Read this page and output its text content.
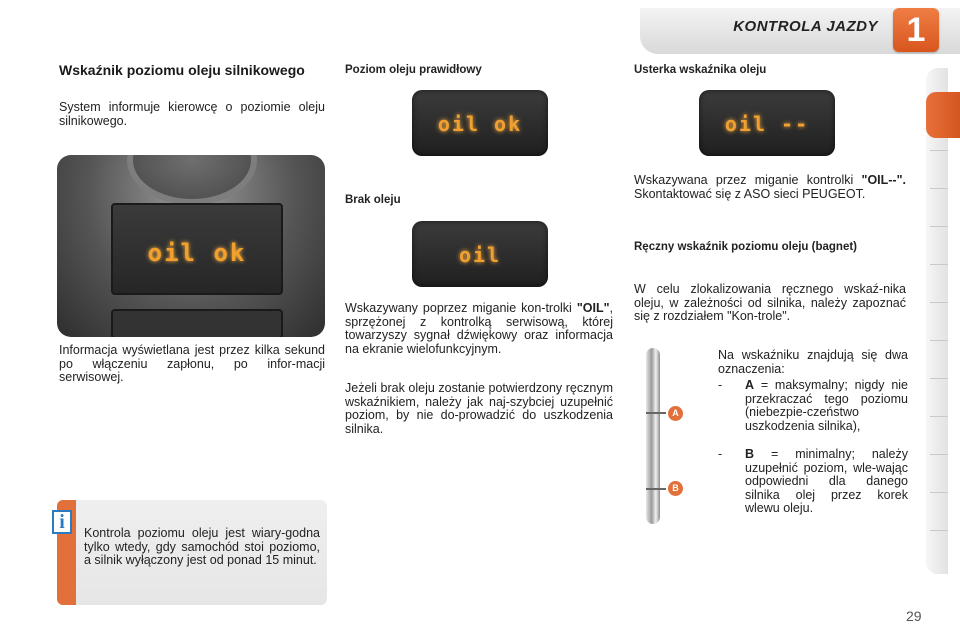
KONTROLA JAZDY 1
Wskaźnik poziomu oleju silnikowego

System informuje kierowcę o poziomie oleju silnikowego.

oil ok

Informacja wyświetlana jest przez kilka sekund po włączeniu zapłonu, po infor-macji serwisowej.

i	Kontrola poziomu oleju jest wiary-godna tylko wtedy, gdy samochód stoi poziomo, a silnik wyłączony jest od ponad 15 minut.

Poziom oleju prawidłowy
oil ok
Brak oleju
oil

Wskazywany poprzez miganie kon-trolki "OIL", sprzężonej z kontrolką serwisową, której towarzyszy sygnał dźwiękowy oraz informacja na ekranie wielofunkcyjnym.

Jeżeli brak oleju zostanie potwierdzony ręcznym wskaźnikiem, należy jak naj-szybciej uzupełnić poziom, by nie do-prowadzić do uszkodzenia silnika.

Usterka wskaźnika oleju
oil --

Wskazywana przez miganie kontrolki "OIL--". Skontaktować się z ASO sieci PEUGEOT.

Ręczny wskaźnik poziomu oleju (bagnet)

W celu zlokalizowania ręcznego wskaź-nika oleju, w zależności od silnika, należy zapoznać się z rozdziałem "Kon-trole".

A
B

Na wskaźniku znajdują się dwa oznaczenia:

- A = maksymalny; nigdy nie przekraczać tego poziomu (niebezpie-czeństwo uszkodzenia silnika),

- B = minimalny; należy uzupełnić poziom, wle-wając odpowiedni dla danego silnika olej przez korek wlewu oleju.

29
